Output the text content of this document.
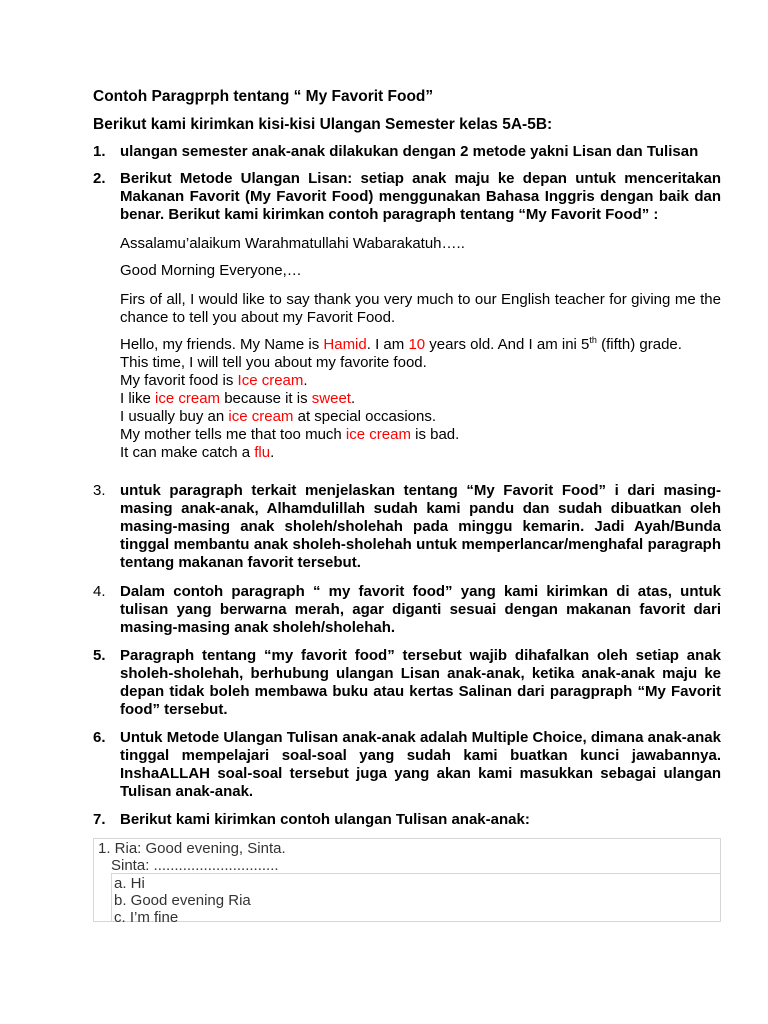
Contoh Paragprph tentang “ My Favorit Food”
Berikut kami kirimkan kisi-kisi Ulangan Semester kelas 5A-5B:
1. ulangan semester anak-anak dilakukan dengan 2 metode yakni Lisan dan Tulisan
2. Berikut Metode Ulangan Lisan: setiap anak maju ke depan untuk menceritakan Makanan Favorit (My Favorit Food) menggunakan Bahasa Inggris dengan baik dan benar. Berikut kami kirimkan contoh paragraph tentang “My Favorit Food” :
Assalamu’alaikum Warahmatullahi Wabarakatuh…..
Good Morning Everyone,…
Firs of all, I would like to say thank you very much to our English teacher for giving me the chance to tell you about my Favorit Food.
Hello, my friends. My Name is Hamid. I am 10 years old. And I am ini 5th (fifth) grade.
This time, I will tell you about my favorite food.
My favorit food is Ice cream.
I like ice cream because it is sweet.
I usually buy an ice cream at special occasions.
My mother tells me that too much ice cream is bad.
It can make catch a flu.
3. untuk paragraph terkait menjelaskan tentang “My Favorit Food” i dari masing-masing anak-anak, Alhamdulillah sudah kami pandu dan sudah dibuatkan oleh masing-masing anak sholeh/sholehah pada minggu kemarin. Jadi Ayah/Bunda tinggal membantu anak sholeh-sholehah untuk memperlancar/menghafal paragraph tentang makanan favorit tersebut.
4. Dalam contoh paragraph “ my favorit food” yang kami kirimkan di atas, untuk tulisan yang berwarna merah, agar diganti sesuai dengan makanan favorit dari masing-masing anak sholeh/sholehah.
5. Paragraph tentang “my favorit food” tersebut wajib dihafalkan oleh setiap anak sholeh-sholehah, berhubung ulangan Lisan anak-anak, ketika anak-anak maju ke depan tidak boleh membawa buku atau kertas Salinan dari paragpraph “My Favorit food” tersebut.
6. Untuk Metode Ulangan Tulisan anak-anak adalah Multiple Choice, dimana anak-anak tinggal mempelajari soal-soal yang sudah kami buatkan kunci jawabannya. InshaALLAH soal-soal tersebut juga yang akan kami masukkan sebagai ulangan Tulisan anak-anak.
7. Berikut kami kirimkan contoh ulangan Tulisan anak-anak:
1. Ria: Good evening, Sinta.
Sinta: ..............................
a. Hi
b. Good evening Ria
c. I’m fine
